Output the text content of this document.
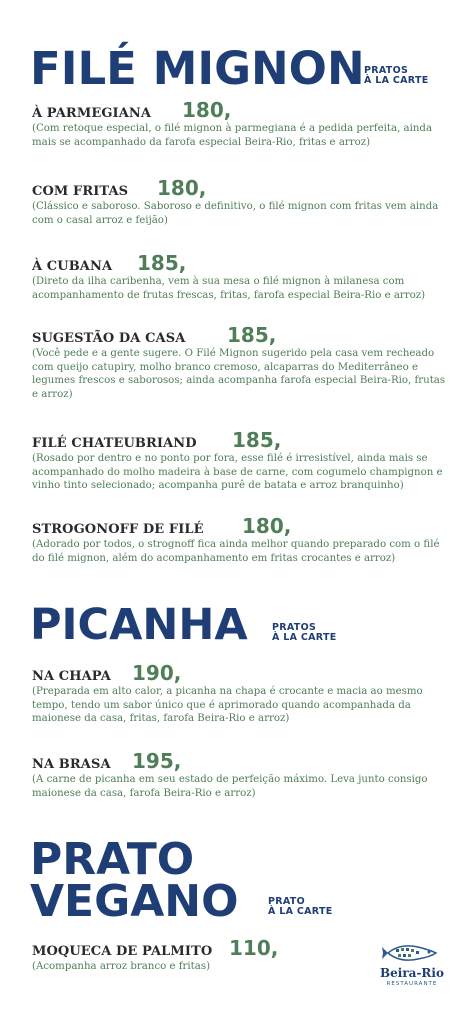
FILÉ MIGNON PRATOS
À LA CARTE
À PARMEGIANA 180,
(Com retoque especial, o filé mignon à parmegiana é a pedida perfeita, ainda mais se acompanhado da farofa especial Beira-Rio, fritas e arroz)
COM FRITAS 180,
(Clássico e saboroso. Saboroso e definitivo, o filé mignon com fritas vem ainda com o casal arroz e feijão)
À CUBANA 185,
(Direto da ilha caribenha, vem à sua mesa o filé mignon à milanesa com acompanhamento de frutas frescas, fritas, farofa especial Beira-Rio e arroz)
SUGESTÃO DA CASA 185,
(Você pede e a gente sugere. O Filé Mignon sugerido pela casa vem recheado com queijo catupiry, molho branco cremoso, alcaparras do Mediterrâneo e legumes frescos e saborosos; ainda acompanha farofa especial Beira-Rio, frutas e arroz)
FILÉ CHATEUBRIAND 185,
(Rosado por dentro e no ponto por fora, esse filé é irresistível, ainda mais se acompanhado do molho madeira à base de carne, com cogumelo champignon e vinho tinto selecionado; acompanha purê de batata e arroz branquinho)
STROGONOFF DE FILÉ 180,
(Adorado por todos, o strognoff fica ainda melhor quando preparado com o filé do filé mignon, além do acompanhamento em fritas crocantes e arroz)
PICANHA	PRATOS
À LA CARTE
NA CHAPA 190,
(Preparada em alto calor, a picanha na chapa é crocante e macia ao mesmo tempo, tendo um sabor único que é aprimorado quando acompanhada da maionese da casa, fritas, farofa Beira-Rio e arroz)
NA BRASA 195,
(A carne de picanha em seu estado de perfeição máximo. Leva junto consigo maionese da casa, farofa Beira-Rio e arroz)
PRATO
VEGANO	PRATO
À LA CARTE
MOQUECA DE PALMITO 110,
(Acompanha arroz branco e fritas)	Beira-Rio
RESTAURANTE
